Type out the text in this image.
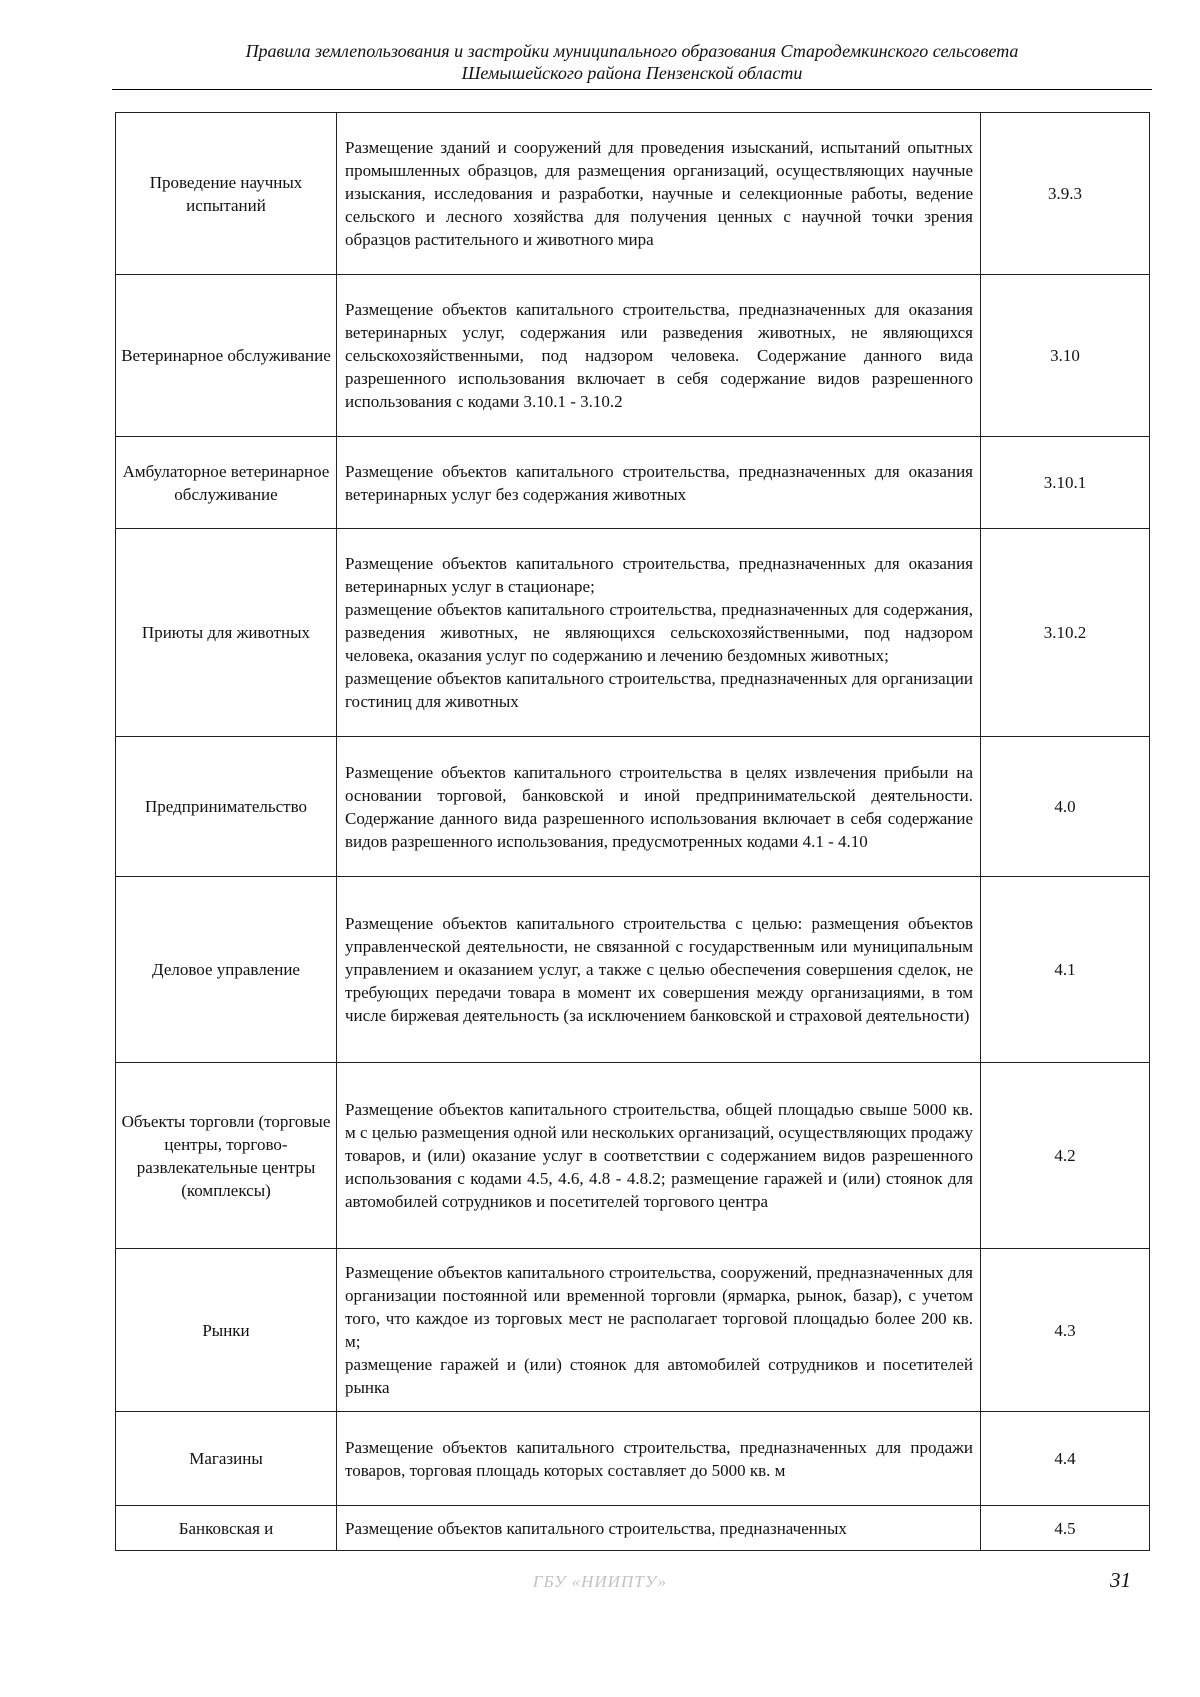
Правила землепользования и застройки муниципального образования Стародемкинского сельсовета
Шемышейского района Пензенской области
Проведение научных испытаний	Размещение зданий и сооружений для проведения изысканий, испытаний опытных промышленных образцов, для размещения организаций, осуществляющих научные изыскания, исследования и разработки, научные и селекционные работы, ведение сельского и лесного хозяйства для получения ценных с научной точки зрения образцов растительного и животного мира	3.9.3
Ветеринарное обслуживание	Размещение объектов капитального строительства, предназначенных для оказания ветеринарных услуг, содержания или разведения животных, не являющихся сельскохозяйственными, под надзором человека. Содержание данного вида разрешенного использования включает в себя содержание видов разрешенного использования с кодами 3.10.1 - 3.10.2	3.10
Амбулаторное ветеринарное обслуживание	Размещение объектов капитального строительства, предназначенных для оказания ветеринарных услуг без содержания животных	3.10.1
Приюты для животных	Размещение объектов капитального строительства, предназначенных для оказания ветеринарных услуг в стационаре;
размещение объектов капитального строительства, предназначенных для содержания, разведения животных, не являющихся сельскохозяйственными, под надзором человека, оказания услуг по содержанию и лечению бездомных животных;
размещение объектов капитального строительства, предназначенных для организации гостиниц для животных	3.10.2
Предпринимательство	Размещение объектов капитального строительства в целях извлечения прибыли на основании торговой, банковской и иной предпринимательской деятельности. Содержание данного вида разрешенного использования включает в себя содержание видов разрешенного использования, предусмотренных кодами 4.1 - 4.10	4.0
Деловое управление	Размещение объектов капитального строительства с целью: размещения объектов управленческой деятельности, не связанной с государственным или муниципальным управлением и оказанием услуг, а также с целью обеспечения совершения сделок, не требующих передачи товара в момент их совершения между организациями, в том числе биржевая деятельность (за исключением банковской и страховой деятельности)	4.1
Объекты торговли (торговые центры, торгово-развлекательные центры (комплексы)	Размещение объектов капитального строительства, общей площадью свыше 5000 кв. м с целью размещения одной или нескольких организаций, осуществляющих продажу товаров, и (или) оказание услуг в соответствии с содержанием видов разрешенного использования с кодами 4.5, 4.6, 4.8 - 4.8.2; размещение гаражей и (или) стоянок для автомобилей сотрудников и посетителей торгового центра	4.2
Рынки	Размещение объектов капитального строительства, сооружений, предназначенных для организации постоянной или временной торговли (ярмарка, рынок, базар), с учетом того, что каждое из торговых мест не располагает торговой площадью более 200 кв. м;
размещение гаражей и (или) стоянок для автомобилей сотрудников и посетителей рынка	4.3
Магазины	Размещение объектов капитального строительства, предназначенных для продажи товаров, торговая площадь которых составляет до 5000 кв. м	4.4
Банковская и	Размещение объектов капитального строительства, предназначенных	4.5
ГБУ «НИИПТУ»	31
